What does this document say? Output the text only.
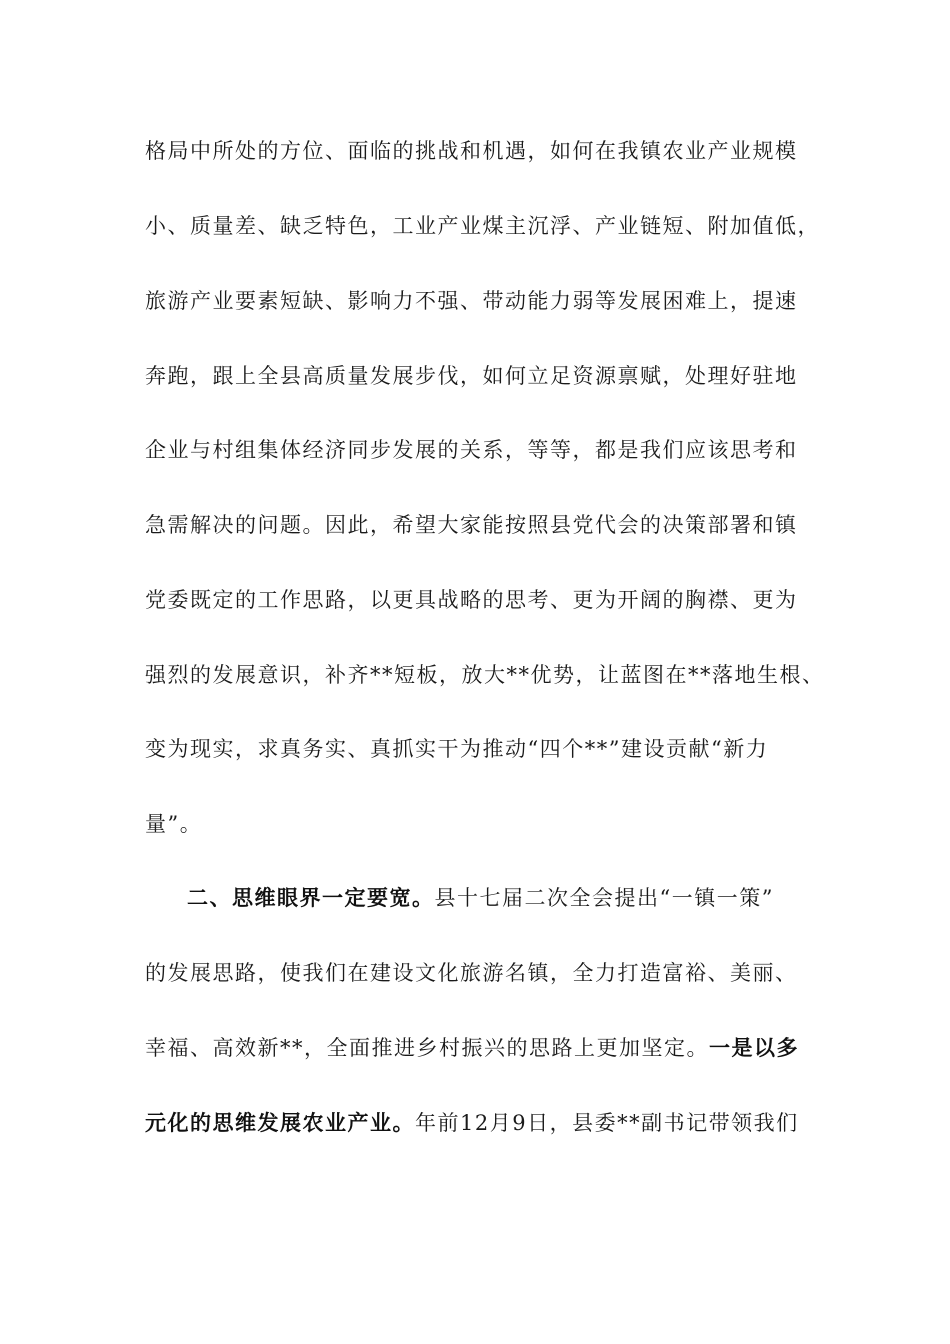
格局中所处的方位、面临的挑战和机遇，如何在我镇农业产业规模
小、质量差、缺乏特色，工业产业煤主沉浮、产业链短、附加值低，
旅游产业要素短缺、影响力不强、带动能力弱等发展困难上，提速
奔跑，跟上全县高质量发展步伐，如何立足资源禀赋，处理好驻地
企业与村组集体经济同步发展的关系，等等，都是我们应该思考和
急需解决的问题。因此，希望大家能按照县党代会的决策部署和镇
党委既定的工作思路，以更具战略的思考、更为开阔的胸襟、更为
强烈的发展意识，补齐**短板，放大**优势，让蓝图在**落地生根、
变为现实，求真务实、真抓实干为推动“四个**”建设贡献“新力
量”。
二、思维眼界一定要宽。县十七届二次全会提出“一镇一策”
的发展思路，使我们在建设文化旅游名镇，全力打造富裕、美丽、
幸福、高效新**，全面推进乡村振兴的思路上更加坚定。一是以多
元化的思维发展农业产业。年前12月9日，县委**副书记带领我们
